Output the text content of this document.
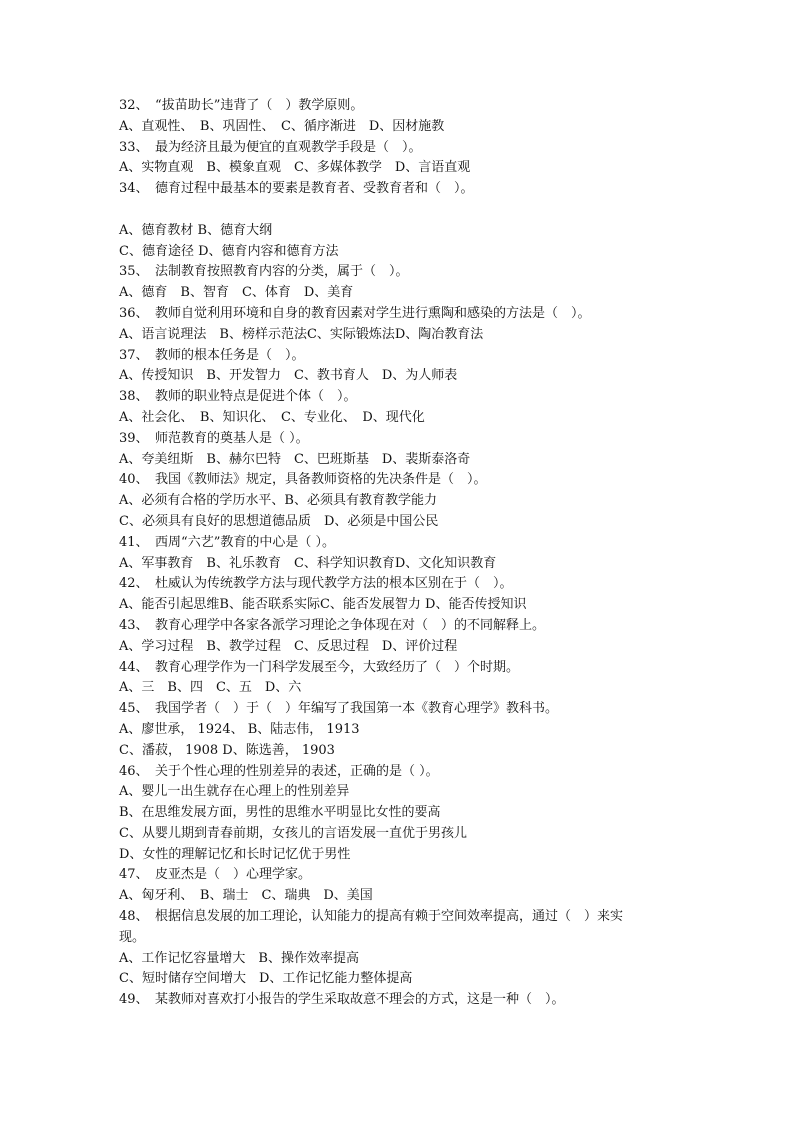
32、　“拔苗助长”违背了（　）教学原则。
A、直观性、　B、巩固性、　C、循序渐进　D、因材施教
33、　最为经济且最为便宜的直观教学手段是（　）。
A、实物直观　B、模象直观　C、多媒体教学　D、言语直观
34、　德育过程中最基本的要素是教育者、受教育者和（　）。
A、德育教材 B、德育大纲
C、德育途径 D、德育内容和德育方法
35、　法制教育按照教育内容的分类，属于（　）。
A、德育　B、智育　C、体育　D、美育
36、　教师自觉利用环境和自身的教育因素对学生进行熏陶和感染的方法是（　）。
A、语言说理法　B、榜样示范法C、实际锻炼法D、陶冶教育法
37、　教师的根本任务是（　）。
A、传授知识　B、开发智力　C、教书育人　D、为人师表
38、　教师的职业特点是促进个体（　）。
A、社会化、　B、知识化、　C、专业化、　D、现代化
39、　师范教育的奠基人是（ ）。
A、夸美纽斯　B、赫尔巴特　C、巴班斯基　D、裴斯泰洛奇
40、　我国《教师法》规定，具备教师资格的先决条件是（　）。
A、必须有合格的学历水平、B、必须具有教育教学能力
C、必须具有良好的思想道德品质　D、必须是中国公民
41、　西周“六艺”教育的中心是（ ）。
A、军事教育　B、礼乐教育　C、科学知识教育D、文化知识教育
42、　杜威认为传统教学方法与现代教学方法的根本区别在于（　）。
A、能否引起思维B、能否联系实际C、能否发展智力 D、能否传授知识
43、　教育心理学中各家各派学习理论之争体现在对（　）的不同解释上。
A、学习过程　B、教学过程　C、反思过程　D、评价过程
44、　教育心理学作为一门科学发展至今，大致经历了（　）个时期。
A、三　B、四　C、五　D、六
45、　我国学者（　）于（　）年编写了我国第一本《教育心理学》教科书。
A、廖世承， 1924、 B、陆志伟， 1913
C、潘菽， 1908 D、陈选善， 1903
46、　关于个性心理的性别差异的表述，正确的是（ ）。
A、婴儿一出生就存在心理上的性别差异
B、在思维发展方面，男性的思维水平明显比女性的要高
C、从婴儿期到青春前期，女孩儿的言语发展一直优于男孩儿
D、女性的理解记忆和长时记忆优于男性
47、　皮亚杰是（　）心理学家。
A、匈牙利、　B、瑞士　C、瑞典　D、美国
48、　根据信息发展的加工理论，认知能力的提高有赖于空间效率提高，通过（　）来实
现。
A、工作记忆容量增大　B、操作效率提高
C、短时储存空间增大　D、工作记忆能力整体提高
49、　某教师对喜欢打小报告的学生采取故意不理会的方式，这是一种（　）。
